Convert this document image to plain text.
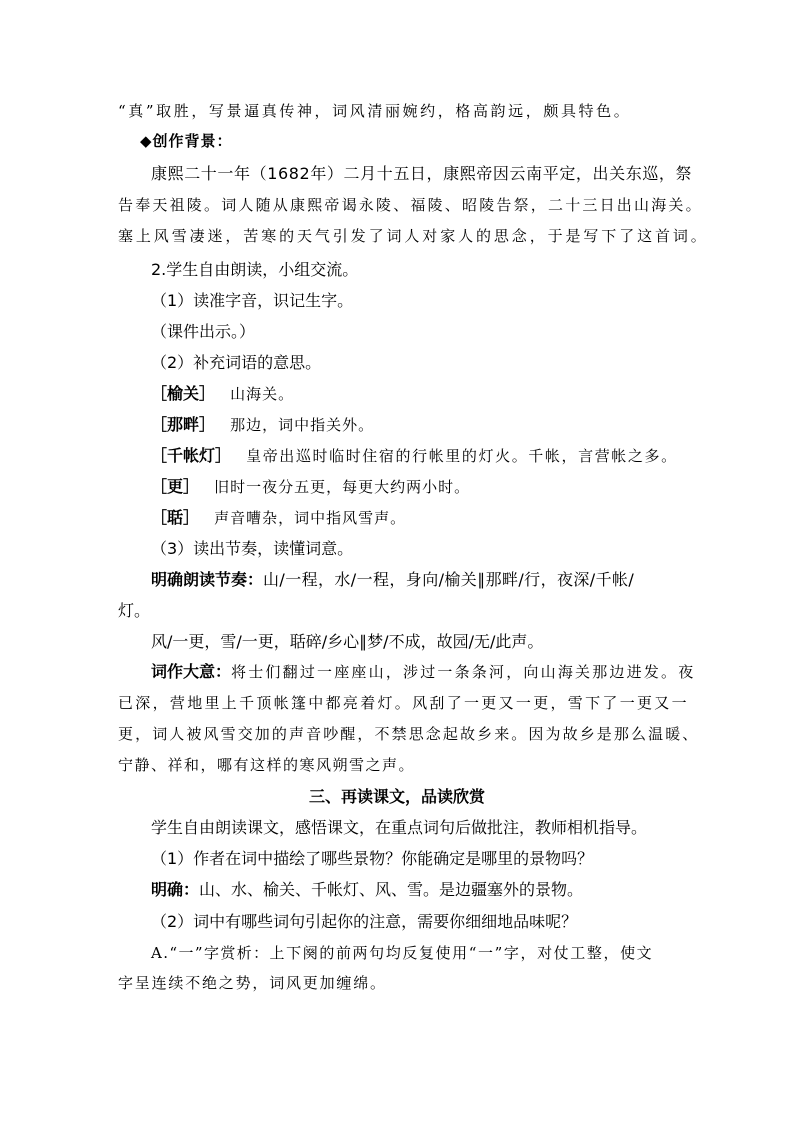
“真”取胜，写景逼真传神，词风清丽婉约，格高韵远，颇具特色。
◆创作背景：
康熙二十一年（1682年）二月十五日，康熙帝因云南平定，出关东巡，祭
告奉天祖陵。词人随从康熙帝谒永陵、福陵、昭陵告祭，二十三日出山海关。
塞上风雪凄迷，苦寒的天气引发了词人对家人的思念，于是写下了这首词。
2.学生自由朗读，小组交流。
（1）读准字音，识记生字。
（课件出示。）
（2）补充词语的意思。
［榆关］ 山海关。
［那畔］ 那边，词中指关外。
［千帐灯］ 皇帝出巡时临时住宿的行帐里的灯火。千帐，言营帐之多。
［更］ 旧时一夜分五更，每更大约两小时。
［聒］ 声音嘈杂，词中指风雪声。
（3）读出节奏，读懂词意。
明确朗读节奏：山/一程，水/一程，身向/榆关∥那畔/行，夜深/千帐/
灯。
风/一更，雪/一更，聒碎/乡心∥梦/不成，故园/无/此声。
词作大意：将士们翻过一座座山，涉过一条条河，向山海关那边进发。夜
已深，营地里上千顶帐篷中都亮着灯。风刮了一更又一更，雪下了一更又一
更，词人被风雪交加的声音吵醒，不禁思念起故乡来。因为故乡是那么温暖、
宁静、祥和，哪有这样的寒风朔雪之声。
三、再读课文，品读欣赏
学生自由朗读课文，感悟课文，在重点词句后做批注，教师相机指导。
（1）作者在词中描绘了哪些景物？你能确定是哪里的景物吗？
明确：山、水、榆关、千帐灯、风、雪。是边疆塞外的景物。
（2）词中有哪些词句引起你的注意，需要你细细地品味呢？
A.“一”字赏析：上下阕的前两句均反复使用“一”字，对仗工整，使文
字呈连续不绝之势，词风更加缠绵。
